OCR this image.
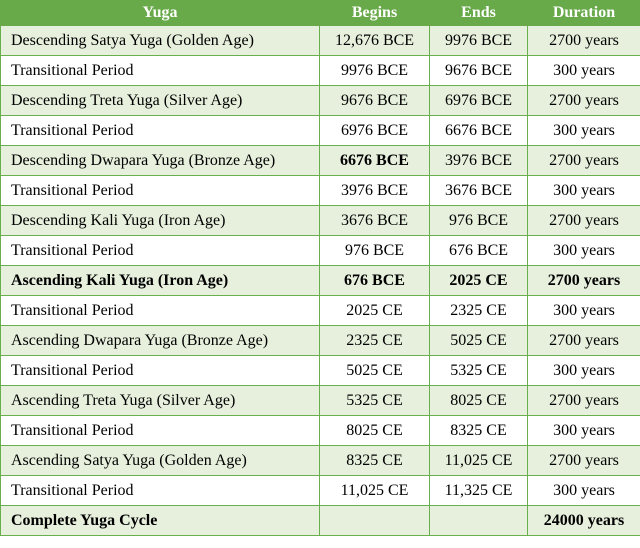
Yuga	Begins	Ends	Duration
Descending Satya Yuga (Golden Age)	12,676 BCE	9976 BCE	2700 years
Transitional Period	9976 BCE	9676 BCE	300 years
Descending Treta Yuga (Silver Age)	9676 BCE	6976 BCE	2700 years
Transitional Period	6976 BCE	6676 BCE	300 years
Descending Dwapara Yuga (Bronze Age)	6676 BCE	3976 BCE	2700 years
Transitional Period	3976 BCE	3676 BCE	300 years
Descending Kali Yuga (Iron Age)	3676 BCE	976 BCE	2700 years
Transitional Period	976 BCE	676 BCE	300 years
Ascending Kali Yuga (Iron Age)	676 BCE	2025 CE	2700 years
Transitional Period	2025 CE	2325 CE	300 years
Ascending Dwapara Yuga (Bronze Age)	2325 CE	5025 CE	2700 years
Transitional Period	5025 CE	5325 CE	300 years
Ascending Treta Yuga (Silver Age)	5325 CE	8025 CE	2700 years
Transitional Period	8025 CE	8325 CE	300 years
Ascending Satya Yuga (Golden Age)	8325 CE	11,025 CE	2700 years
Transitional Period	11,025 CE	11,325 CE	300 years
Complete Yuga Cycle			24000 years
